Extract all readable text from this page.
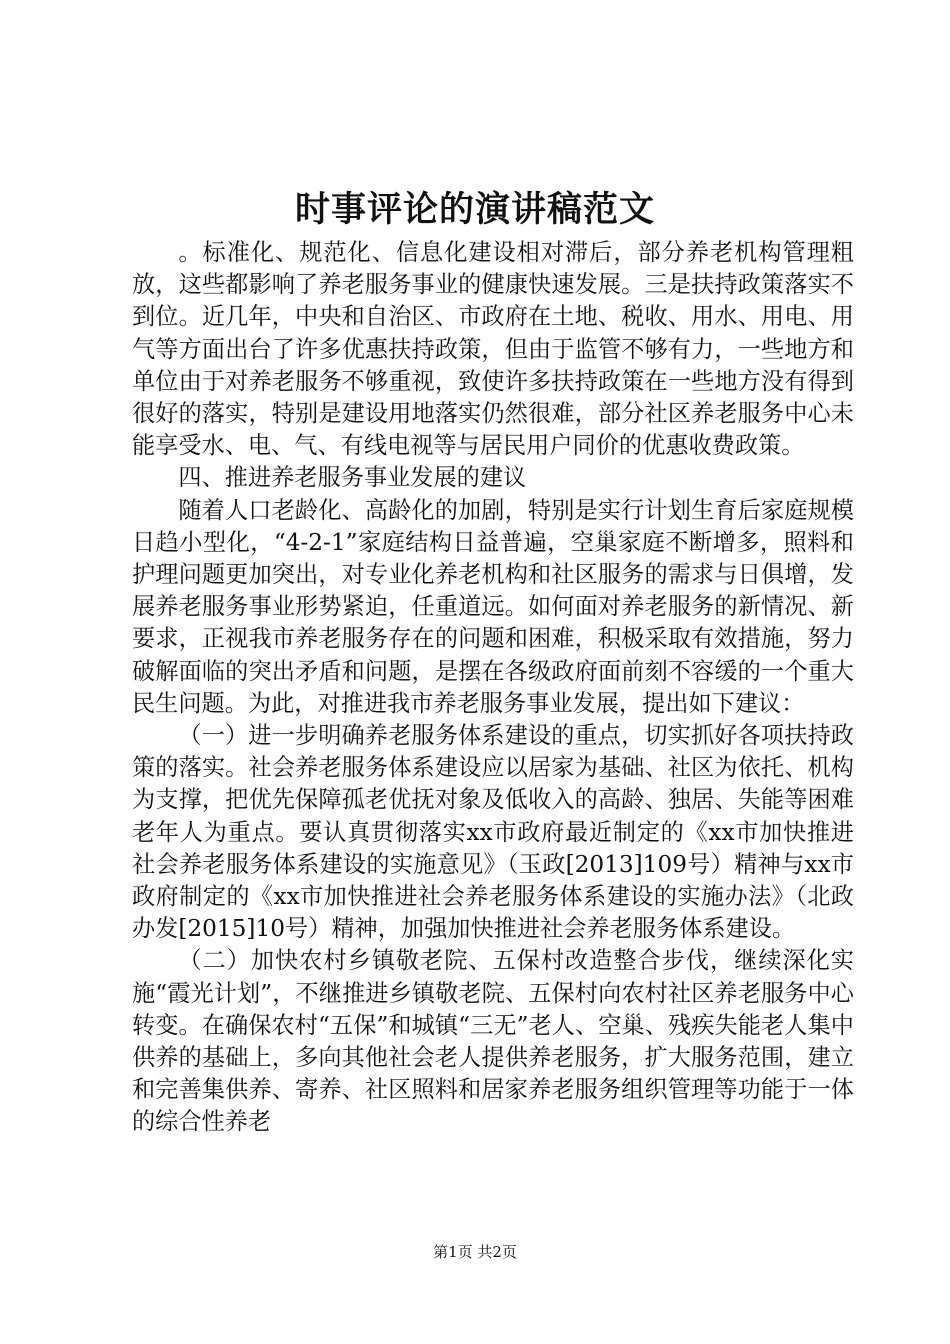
时事评论的演讲稿范文

。标准化、规范化、信息化建设相对滞后，部分养老机构管理粗放，这些都影响了养老服务事业的健康快速发展。三是扶持政策落实不到位。近几年，中央和自治区、市政府在土地、税收、用水、用电、用气等方面出台了许多优惠扶持政策，但由于监管不够有力，一些地方和单位由于对养老服务不够重视，致使许多扶持政策在一些地方没有得到很好的落实，特别是建设用地落实仍然很难，部分社区养老服务中心未能享受水、电、气、有线电视等与居民用户同价的优惠收费政策。

四、推进养老服务事业发展的建议

随着人口老龄化、高龄化的加剧，特别是实行计划生育后家庭规模日趋小型化，“4-2-1”家庭结构日益普遍，空巢家庭不断增多，照料和护理问题更加突出，对专业化养老机构和社区服务的需求与日俱增，发展养老服务事业形势紧迫，任重道远。如何面对养老服务的新情况、新要求，正视我市养老服务存在的问题和困难，积极采取有效措施，努力破解面临的突出矛盾和问题，是摆在各级政府面前刻不容缓的一个重大民生问题。为此，对推进我市养老服务事业发展，提出如下建议：

（一）进一步明确养老服务体系建设的重点，切实抓好各项扶持政策的落实。社会养老服务体系建设应以居家为基础、社区为依托、机构为支撑，把优先保障孤老优抚对象及低收入的高龄、独居、失能等困难老年人为重点。要认真贯彻落实xx市政府最近制定的《xx市加快推进社会养老服务体系建设的实施意见》（玉政[2013]109号）精神与xx市政府制定的《xx市加快推进社会养老服务体系建设的实施办法》（北政办发[2015]10号）精神，加强加快推进社会养老服务体系建设。

（二）加快农村乡镇敬老院、五保村改造整合步伐，继续深化实施“霞光计划”，不继推进乡镇敬老院、五保村向农村社区养老服务中心转变。在确保农村“五保”和城镇“三无”老人、空巢、残疾失能老人集中供养的基础上，多向其他社会老人提供养老服务，扩大服务范围，建立和完善集供养、寄养、社区照料和居家养老服务组织管理等功能于一体的综合性养老

第1页 共2页
